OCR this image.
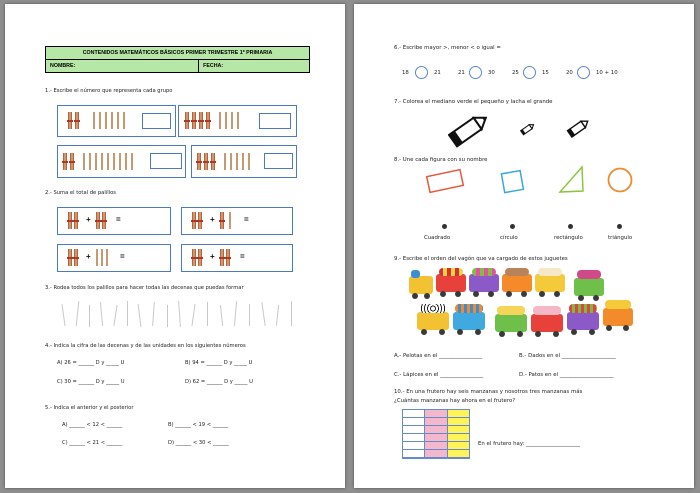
CONTENIDOS MATEMÁTICOS BÁSICOS PRIMER TRIMESTRE 1º PRIMARIA
NOMBRE:	FECHA:
1.- Escribe el número que representa cada grupo
2.- Suma el total de palillos
+	=	+	=
+	=	+	=
3.- Rodea todos los palillos para hacer todas las decenas que puedas formar
4.- Indica la cifra de las decenas y de las unidades en los siguientes números
A) 26 = ______ D y _____ U	B) 94 = ______ D y _____ U
C) 30 = ______ D y _____ U	D) 62 = ______ D y _____ U
5.- Indica el anterior y el posterior
A) ______ < 12 < ______	B) ______ < 19 < ______
C) ______ < 21 < ______	D) ______ < 30 < ______
6.- Escribe mayor >, menor < o igual =
18	21	21	30	25	15	20	10 + 10
7.- Colorea el mediano verde el pequeño y lacha el grande
8.- Une cada figura con su nombre
Cuadrado	círculo	rectángulo	triángulo
9.- Escribe el orden del vagón que va cargado de estos juguetes
A.- Pelotas en el ________________	B.- Dados en el ____________________
C.- Lápices en el ________________	D.- Patos en el ____________________
10.- En una frutero hay seis manzanas y nosotros tres manzanas más
¿Cuántas manzanas hay ahora en el frutero?
En el frutero hay: ____________________
